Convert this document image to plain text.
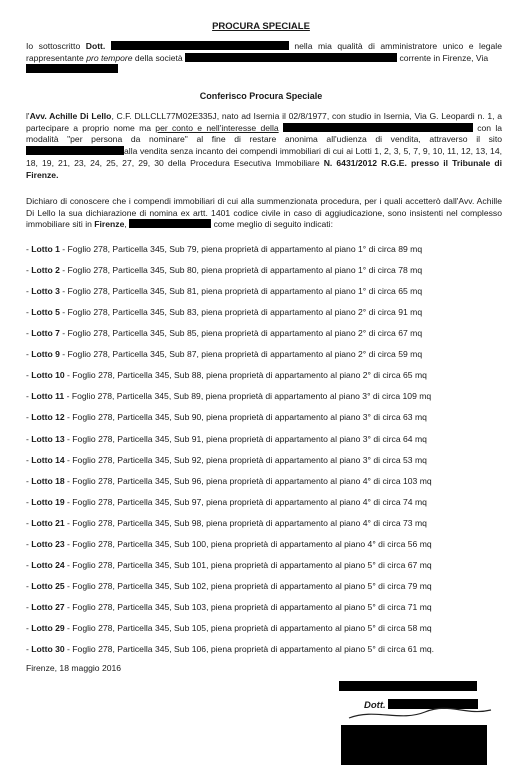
PROCURA SPECIALE
Io sottoscritto Dott.	nella mia qualità di amministratore unico e legale rappresentante pro tempore della società	corrente in Firenze, Via

Conferisco Procura Speciale
l'Avv. Achille Di Lello, C.F. DLLCLL77M02E335J, nato ad Isernia il 02/8/1977, con studio in Isernia, Via G. Leopardi n. 1, a partecipare a proprio nome ma per conto e nell'interesse della	con la modalità "per persona da nominare" al fine di restare anonima all'udienza di vendita, attraverso il sito alla vendita senza incanto dei compendi immobiliari di cui ai Lotti 1, 2, 3, 5, 7, 9, 10, 11, 12, 13, 14, 18, 19, 21, 23, 24, 25, 27, 29, 30 della Procedura Esecutiva Immobiliare N. 6431/2012 R.G.E. presso il Tribunale di Firenze.
Dichiaro di conoscere che i compendi immobiliari di cui alla summenzionata procedura, per i quali accetterò dall'Avv. Achille Di Lello la sua dichiarazione di nomina ex artt. 1401 codice civile in caso di aggiudicazione, sono insistenti nel complesso immobiliare siti in Firenze,	come meglio di seguito indicati:
- Lotto 1 - Foglio 278, Particella 345, Sub 79, piena proprietà di appartamento al piano 1° di circa 89 mq
- Lotto 2 - Foglio 278, Particella 345, Sub 80, piena proprietà di appartamento al piano 1° di circa 78 mq
- Lotto 3 - Foglio 278, Particella 345, Sub 81, piena proprietà di appartamento al piano 1° di circa 65 mq
- Lotto 5 - Foglio 278, Particella 345, Sub 83, piena proprietà di appartamento al piano 2° di circa 91 mq
- Lotto 7 - Foglio 278, Particella 345, Sub 85, piena proprietà di appartamento al piano 2° di circa 67 mq
- Lotto 9 - Foglio 278, Particella 345, Sub 87, piena proprietà di appartamento al piano 2° di circa 59 mq
- Lotto 10 - Foglio 278, Particella 345, Sub 88, piena proprietà di appartamento al piano 2° di circa 65 mq
- Lotto 11 - Foglio 278, Particella 345, Sub 89, piena proprietà di appartamento al piano 3° di circa 109 mq
- Lotto 12 - Foglio 278, Particella 345, Sub 90, piena proprietà di appartamento al piano 3° di circa 63 mq
- Lotto 13 - Foglio 278, Particella 345, Sub 91, piena proprietà di appartamento al piano 3° di circa 64 mq
- Lotto 14 - Foglio 278, Particella 345, Sub 92, piena proprietà di appartamento al piano 3° di circa 53 mq
- Lotto 18 - Foglio 278, Particella 345, Sub 96, piena proprietà di appartamento al piano 4° di circa 103 mq
- Lotto 19 - Foglio 278, Particella 345, Sub 97, piena proprietà di appartamento al piano 4° di circa 74 mq
- Lotto 21 - Foglio 278, Particella 345, Sub 98, piena proprietà di appartamento al piano 4° di circa 73 mq
- Lotto 23 - Foglio 278, Particella 345, Sub 100, piena proprietà di appartamento al piano 4° di circa 56 mq
- Lotto 24 - Foglio 278, Particella 345, Sub 101, piena proprietà di appartamento al piano 5° di circa 67 mq
- Lotto 25 - Foglio 278, Particella 345, Sub 102, piena proprietà di appartamento al piano 5° di circa 79 mq
- Lotto 27 - Foglio 278, Particella 345, Sub 103, piena proprietà di appartamento al piano 5° di circa 71 mq
- Lotto 29 - Foglio 278, Particella 345, Sub 105, piena proprietà di appartamento al piano 5° di circa 58 mq
- Lotto 30 - Foglio 278, Particella 345, Sub 106, piena proprietà di appartamento al piano 5° di circa 61 mq.
Firenze, 18 maggio 2016
Dott.
